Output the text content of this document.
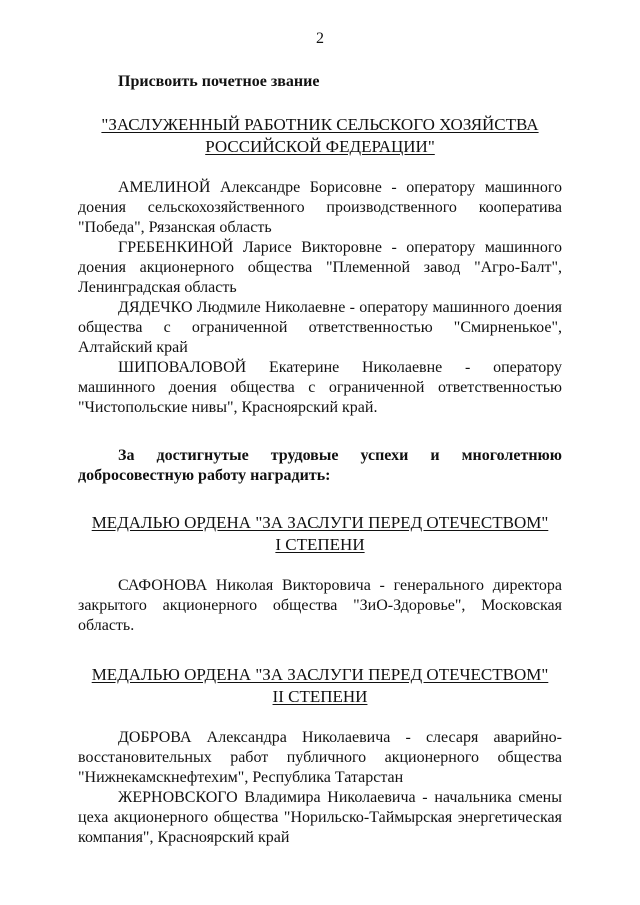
2
Присвоить почетное звание
"ЗАСЛУЖЕННЫЙ РАБОТНИК СЕЛЬСКОГО ХОЗЯЙСТВА
РОССИЙСКОЙ ФЕДЕРАЦИИ"

АМЕЛИНОЙ Александре Борисовне - оператору машинного доения сельскохозяйственного производственного кооператива "Победа", Рязанская область

ГРЕБЕНКИНОЙ Ларисе Викторовне - оператору машинного доения акционерного общества "Племенной завод "Агро-Балт", Ленинградская область

ДЯДЕЧКО Людмиле Николаевне - оператору машинного доения общества с ограниченной ответственностью "Смирненькое", Алтайский край

ШИПОВАЛОВОЙ Екатерине Николаевне - оператору машинного доения общества с ограниченной ответственностью "Чистопольские нивы", Красноярский край.

За достигнутые трудовые успехи и многолетнюю добросовестную работу наградить:
МЕДАЛЬЮ ОРДЕНА "ЗА ЗАСЛУГИ ПЕРЕД ОТЕЧЕСТВОМ"
I СТЕПЕНИ

САФОНОВА Николая Викторовича - генерального директора закрытого акционерного общества "ЗиО-Здоровье", Московская область.

МЕДАЛЬЮ ОРДЕНА "ЗА ЗАСЛУГИ ПЕРЕД ОТЕЧЕСТВОМ"
II СТЕПЕНИ

ДОБРОВА Александра Николаевича - слесаря аварийно-восстановительных работ публичного акционерного общества "Нижнекамскнефтехим", Республика Татарстан

ЖЕРНОВСКОГО Владимира Николаевича - начальника смены цеха акционерного общества "Норильско-Таймырская энергетическая компания", Красноярский край
